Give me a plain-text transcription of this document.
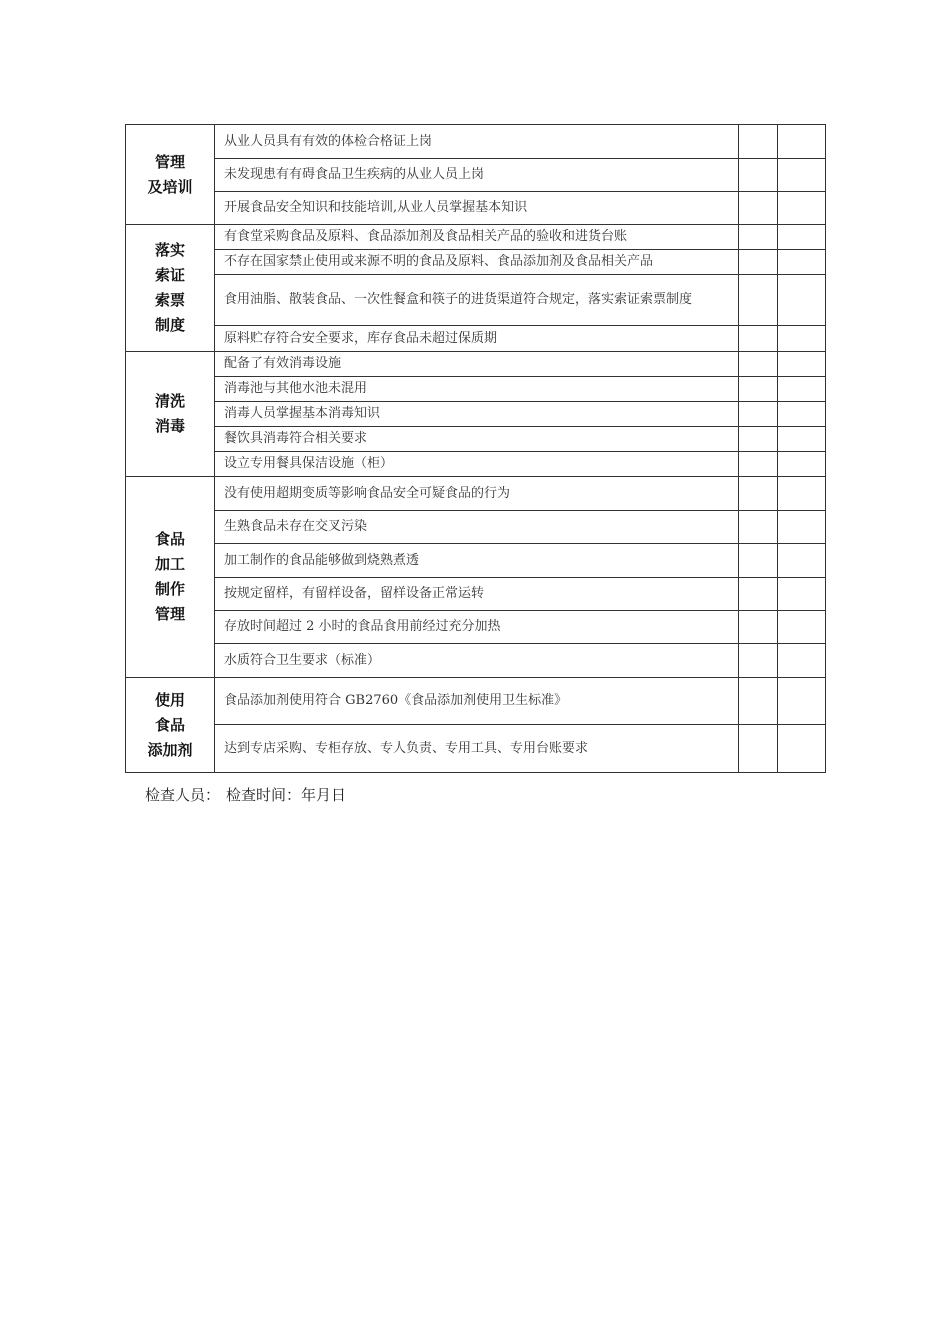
管理
及培训	从业人员具有有效的体检合格证上岗		
	未发现患有有碍食品卫生疾病的从业人员上岗		
	开展食品安全知识和技能培训,从业人员掌握基本知识		
落实
索证
索票
制度	有食堂采购食品及原料、食品添加剂及食品相关产品的验收和进货台账		
	不存在国家禁止使用或来源不明的食品及原料、食品添加剂及食品相关产品		
	食用油脂、散装食品、一次性餐盒和筷子的进货渠道符合规定，落实索证索票制度		
	原料贮存符合安全要求，库存食品未超过保质期		
清洗
消毒	配备了有效消毒设施		
	消毒池与其他水池未混用		
	消毒人员掌握基本消毒知识		
	餐饮具消毒符合相关要求		
	设立专用餐具保洁设施（柜）		
食品
加工
制作
管理	没有使用超期变质等影响食品安全可疑食品的行为		
	生熟食品未存在交叉污染		
	加工制作的食品能够做到烧熟煮透		
	按规定留样，有留样设备，留样设备正常运转		
	存放时间超过 2 小时的食品食用前经过充分加热		
	水质符合卫生要求（标准）		
使用
食品
添加剂	食品添加剂使用符合 GB2760《食品添加剂使用卫生标准》		
	达到专店采购、专柜存放、专人负责、专用工具、专用台账要求		
检查人员： 检查时间：年月日
